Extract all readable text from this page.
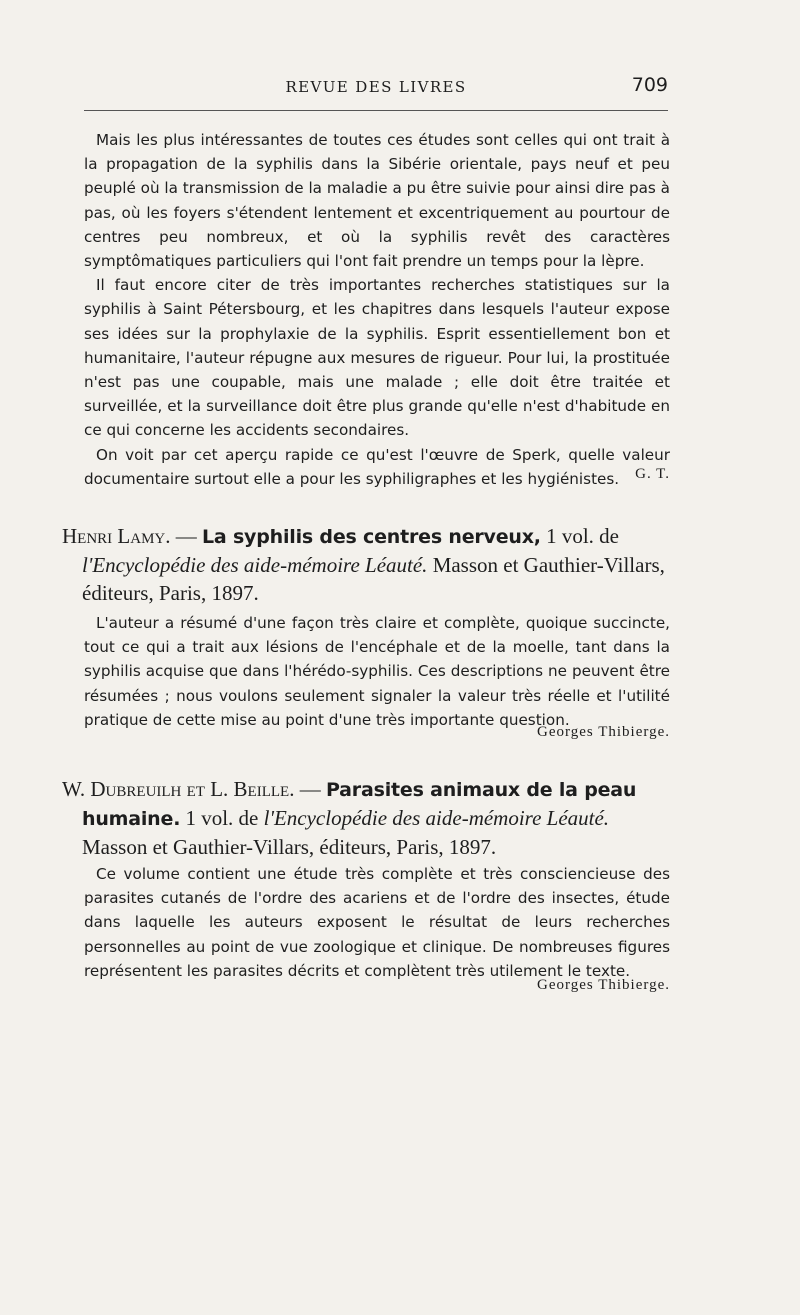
REVUE DES LIVRES	709

Mais les plus intéressantes de toutes ces études sont celles qui ont trait à la propagation de la syphilis dans la Sibérie orientale, pays neuf et peu peuplé où la transmission de la maladie a pu être suivie pour ainsi dire pas à pas, où les foyers s'étendent lentement et excentriquement au pourtour de centres peu nombreux, et où la syphilis revêt des caractères symptômatiques particuliers qui l'ont fait prendre un temps pour la lèpre.

Il faut encore citer de très importantes recherches statistiques sur la syphilis à Saint Pétersbourg, et les chapitres dans lesquels l'auteur expose ses idées sur la prophylaxie de la syphilis. Esprit essentiellement bon et humanitaire, l'auteur répugne aux mesures de rigueur. Pour lui, la prostituée n'est pas une coupable, mais une malade ; elle doit être traitée et surveillée, et la surveillance doit être plus grande qu'elle n'est d'habitude en ce qui concerne les accidents secondaires.

On voit par cet aperçu rapide ce qu'est l'œuvre de Sperk, quelle valeur documentaire surtout elle a pour les syphiligraphes et les hygiénistes.	G. T.
Henri Lamy. — La syphilis des centres nerveux, 1 vol. de l'Encyclopédie des aide-mémoire Léauté. Masson et Gauthier-Villars, éditeurs, Paris, 1897.

L'auteur a résumé d'une façon très claire et complète, quoique succincte, tout ce qui a trait aux lésions de l'encéphale et de la moelle, tant dans la syphilis acquise que dans l'hérédo-syphilis. Ces descriptions ne peuvent être résumées ; nous voulons seulement signaler la valeur très réelle et l'utilité pratique de cette mise au point d'une très importante question.

Georges Thibierge.
W. Dubreuilh et L. Beille. — Parasites animaux de la peau humaine. 1 vol. de l'Encyclopédie des aide-mémoire Léauté. Masson et Gauthier-Villars, éditeurs, Paris, 1897.

Ce volume contient une étude très complète et très consciencieuse des parasites cutanés de l'ordre des acariens et de l'ordre des insectes, étude dans laquelle les auteurs exposent le résultat de leurs recherches personnelles au point de vue zoologique et clinique. De nombreuses figures représentent les parasites décrits et complètent très utilement le texte.

Georges Thibierge.
